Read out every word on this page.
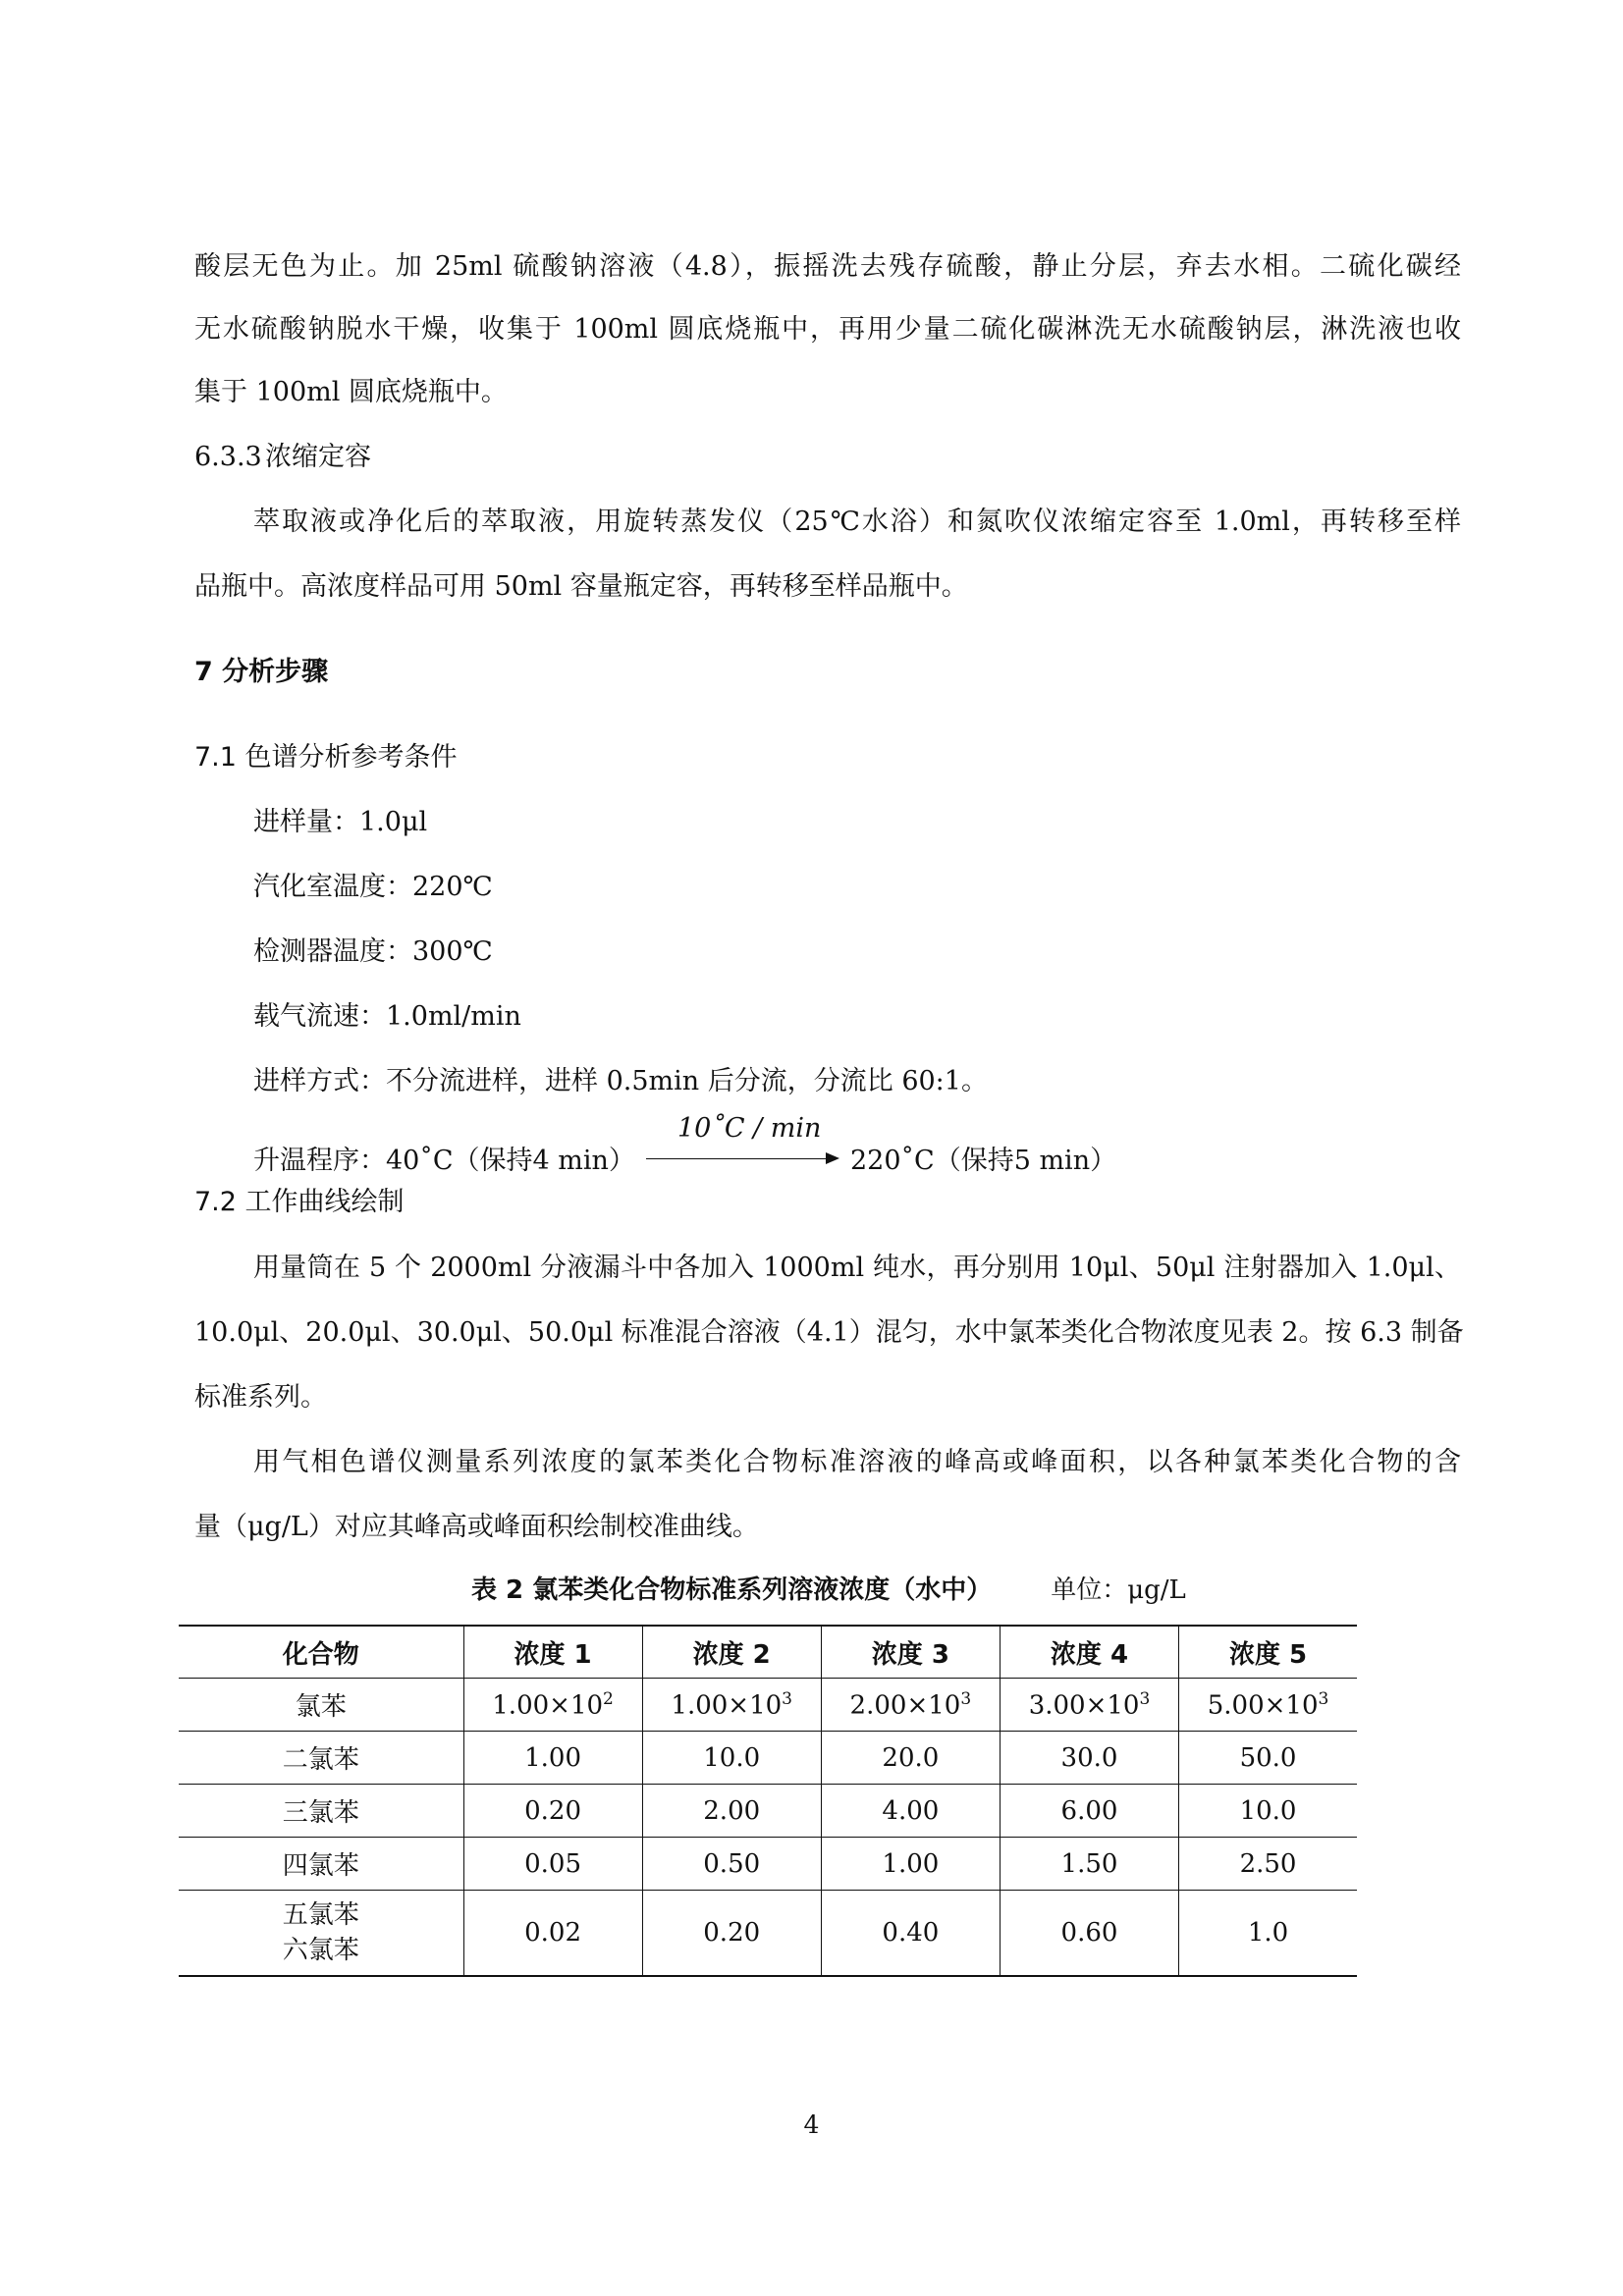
酸层无色为止。加 25ml 硫酸钠溶液（4.8），振摇洗去残存硫酸，静止分层，弃去水相。二硫化碳经
无水硫酸钠脱水干燥，收集于 100ml 圆底烧瓶中，再用少量二硫化碳淋洗无水硫酸钠层，淋洗液也收
集于 100ml 圆底烧瓶中。
6.3.3 浓缩定容
萃取液或净化后的萃取液，用旋转蒸发仪（25℃水浴）和氮吹仪浓缩定容至 1.0ml，再转移至样
品瓶中。高浓度样品可用 50ml 容量瓶定容，再转移至样品瓶中。
7 分析步骤
7.1 色谱分析参考条件
进样量：1.0μl
汽化室温度：220℃
检测器温度：300℃
载气流速：1.0ml/min
进样方式：不分流进样，进样 0.5min 后分流，分流比 60:1。
升温程序：40˚C（保持4 min）
10˚C / min
220˚C（保持5 min）
7.2 工作曲线绘制
用量筒在 5 个 2000ml 分液漏斗中各加入 1000ml 纯水，再分别用 10μl、50μl 注射器加入 1.0μl、
10.0μl、20.0μl、30.0μl、50.0μl 标准混合溶液（4.1）混匀，水中氯苯类化合物浓度见表 2。按 6.3 制备
标准系列。
用气相色谱仪测量系列浓度的氯苯类化合物标准溶液的峰高或峰面积，以各种氯苯类化合物的含
量（μg/L）对应其峰高或峰面积绘制校准曲线。
表 2 氯苯类化合物标准系列溶液浓度（水中） 单位：μg/L
化合物	浓度 1	浓度 2	浓度 3	浓度 4	浓度 5
氯苯	$1.00\times 10^2$	$1.00\times 10^3$	$2.00\times 10^3$	$3.00\times 10^3$	$5.00\times 10^3$
二氯苯	1.00	10.0	20.0	30.0	50.0
三氯苯	0.20	2.00	4.00	6.00	10.0
四氯苯	0.05	0.50	1.00	1.50	2.50

五氯苯
六氯苯	0.02	0.20	0.40	0.60	1.0
4
